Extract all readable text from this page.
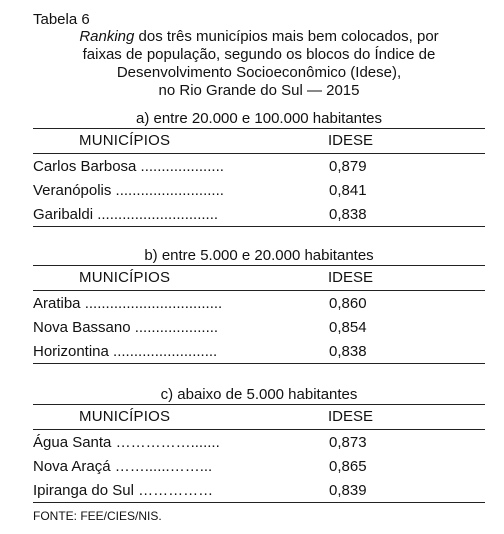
Tabela 6
Ranking dos três municípios mais bem colocados, por
faixas de população, segundo os blocos do Índice de
Desenvolvimento Socioeconômico (Idese),
no Rio Grande do Sul — 2015
a) entre 20.000 e 100.000 habitantes
MUNICÍPIOS	IDESE
Carlos Barbosa ....................	0,879
Veranópolis ..........................	0,841
Garibaldi .............................	0,838
b) entre 5.000 e 20.000 habitantes
MUNICÍPIOS	IDESE
Aratiba .................................	0,860
Nova Bassano ....................	0,854
Horizontina .........................	0,838
c) abaixo de 5.000 habitantes
MUNICÍPIOS	IDESE
Água Santa …………….......	0,873
Nova Araçá ……......……...	0,865
Ipiranga do Sul ……………	0,839
FONTE: FEE/CIES/NIS.
